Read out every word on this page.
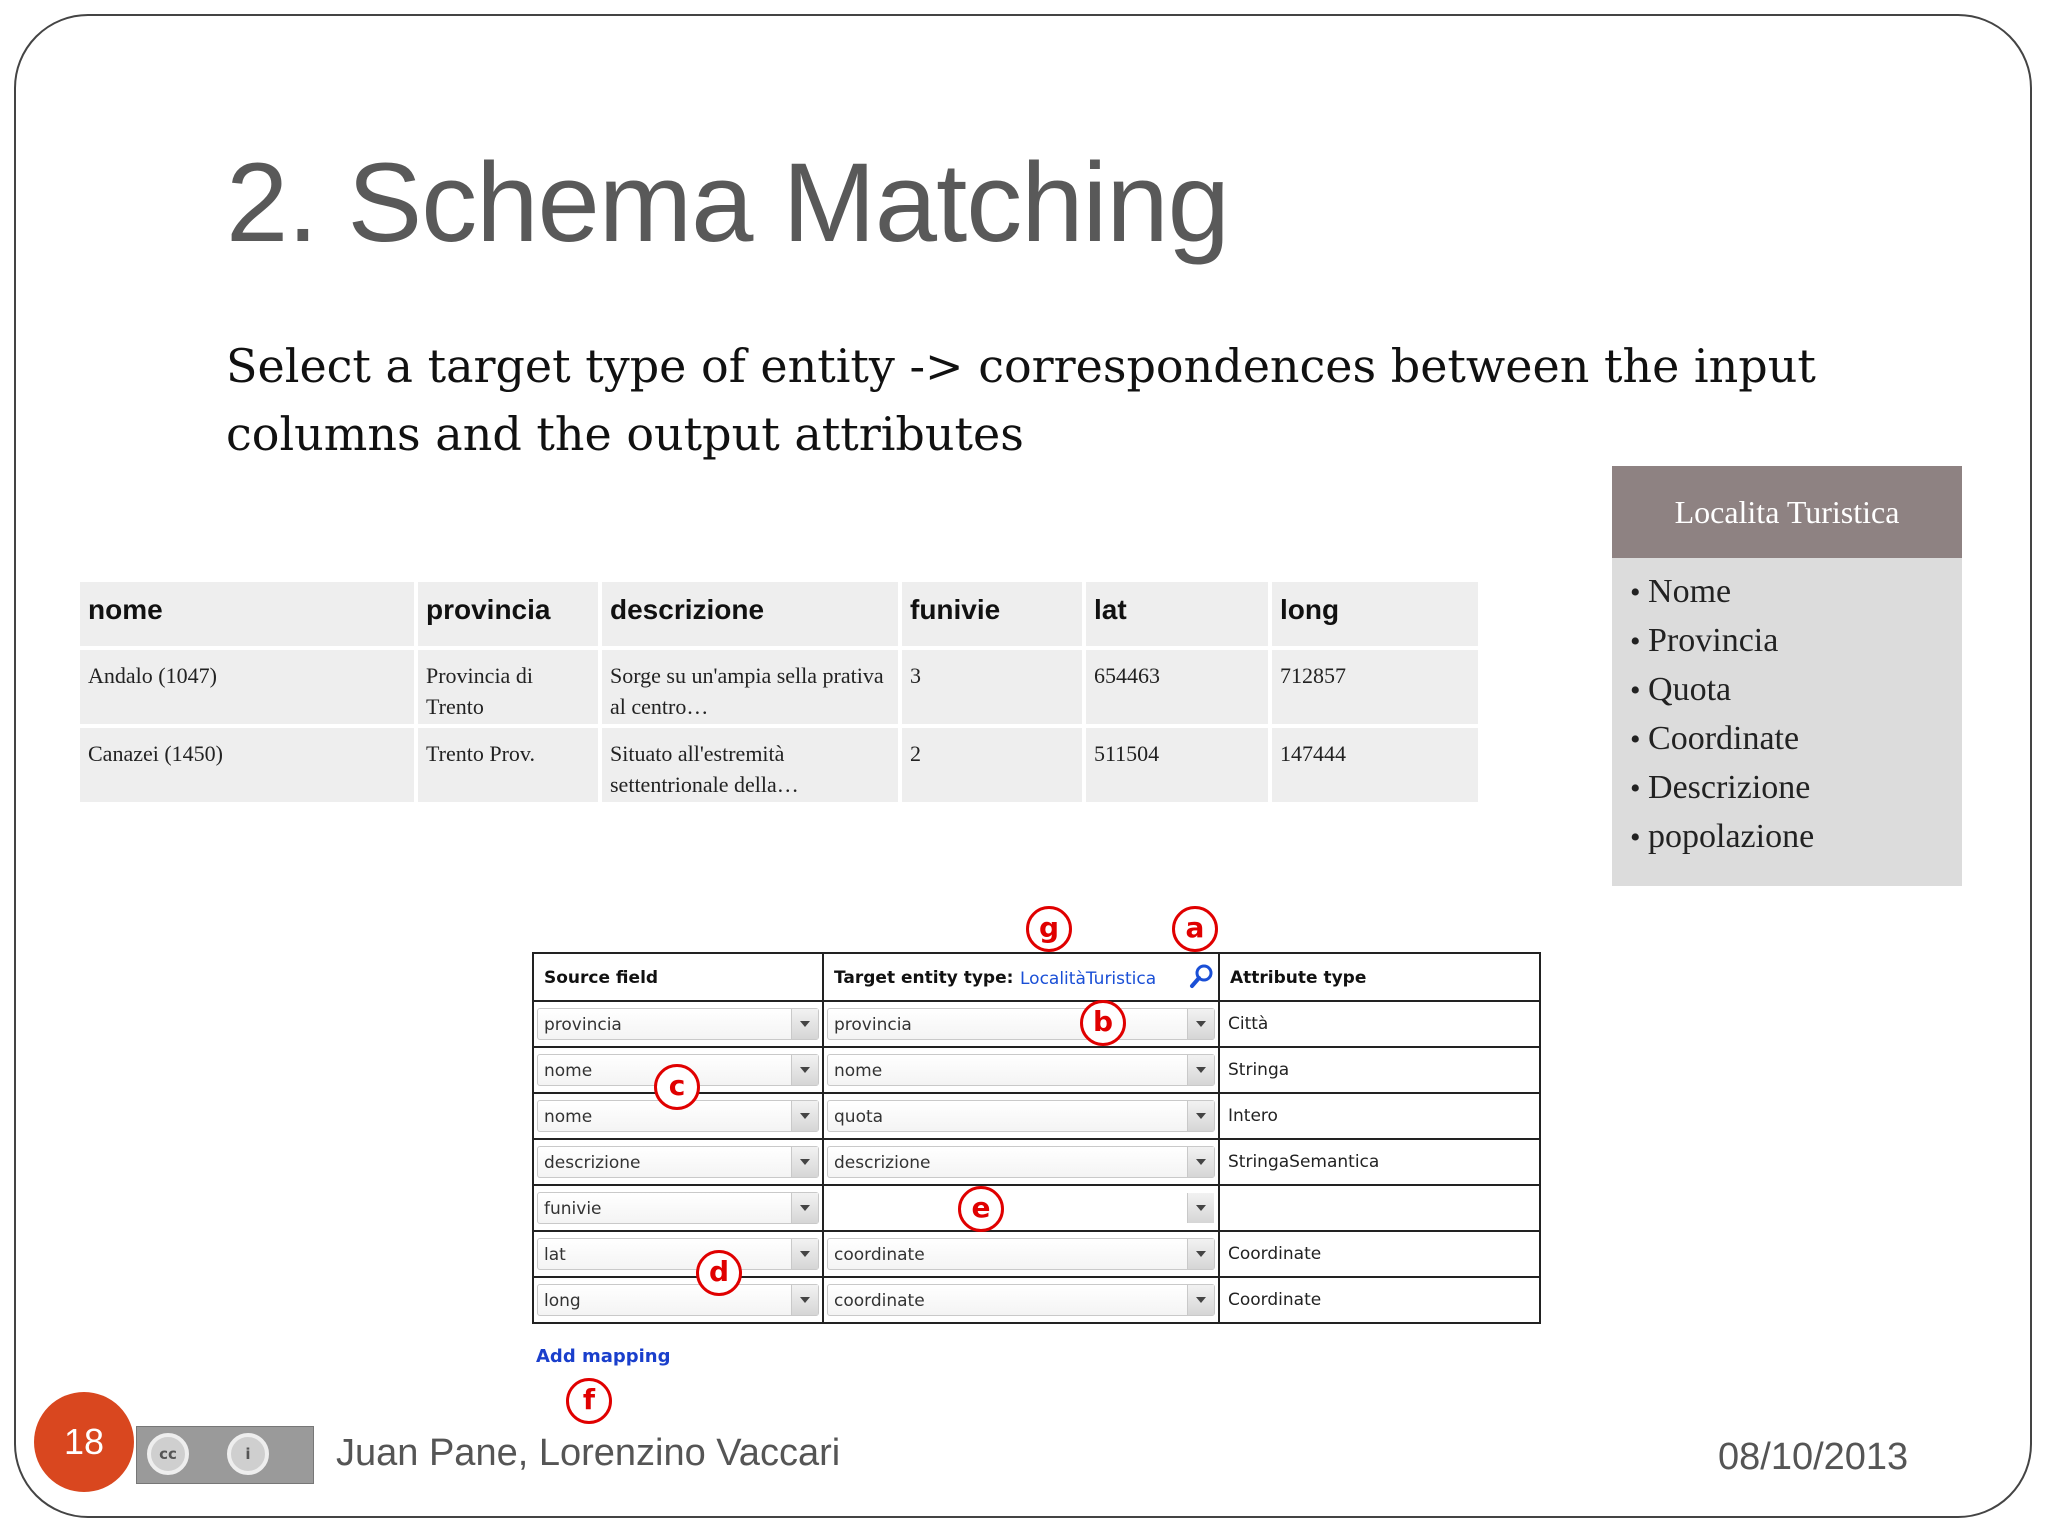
2. Schema Matching
Select a target type of entity -> correspondences between the input columns and the output attributes
nome	provincia	descrizione	funivie	lat	long
Andalo (1047)	Provincia di Trento	Sorge su un'ampia sella prativa al centro…	3	654463	712857
Canazei (1450)	Trento Prov.	Situato all'estremità settentrionale della…	2	511504	147444
Localita Turistica
• Nome
• Provincia
• Quota
• Coordinate
• Descrizione
• popolazione
Source field	Target entity type: LocalitàTuristica	Attribute type
provincia	provincia	Città
nome	nome	Stringa
nome	quota	Intero
descrizione	descrizione	StringaSemantica
funivie
lat	coordinate	Coordinate
long	coordinate	Coordinate
Add mapping
g	a
b
c
e
d
f
18	cc	i	Juan Pane, Lorenzino Vaccari	08/10/2013
